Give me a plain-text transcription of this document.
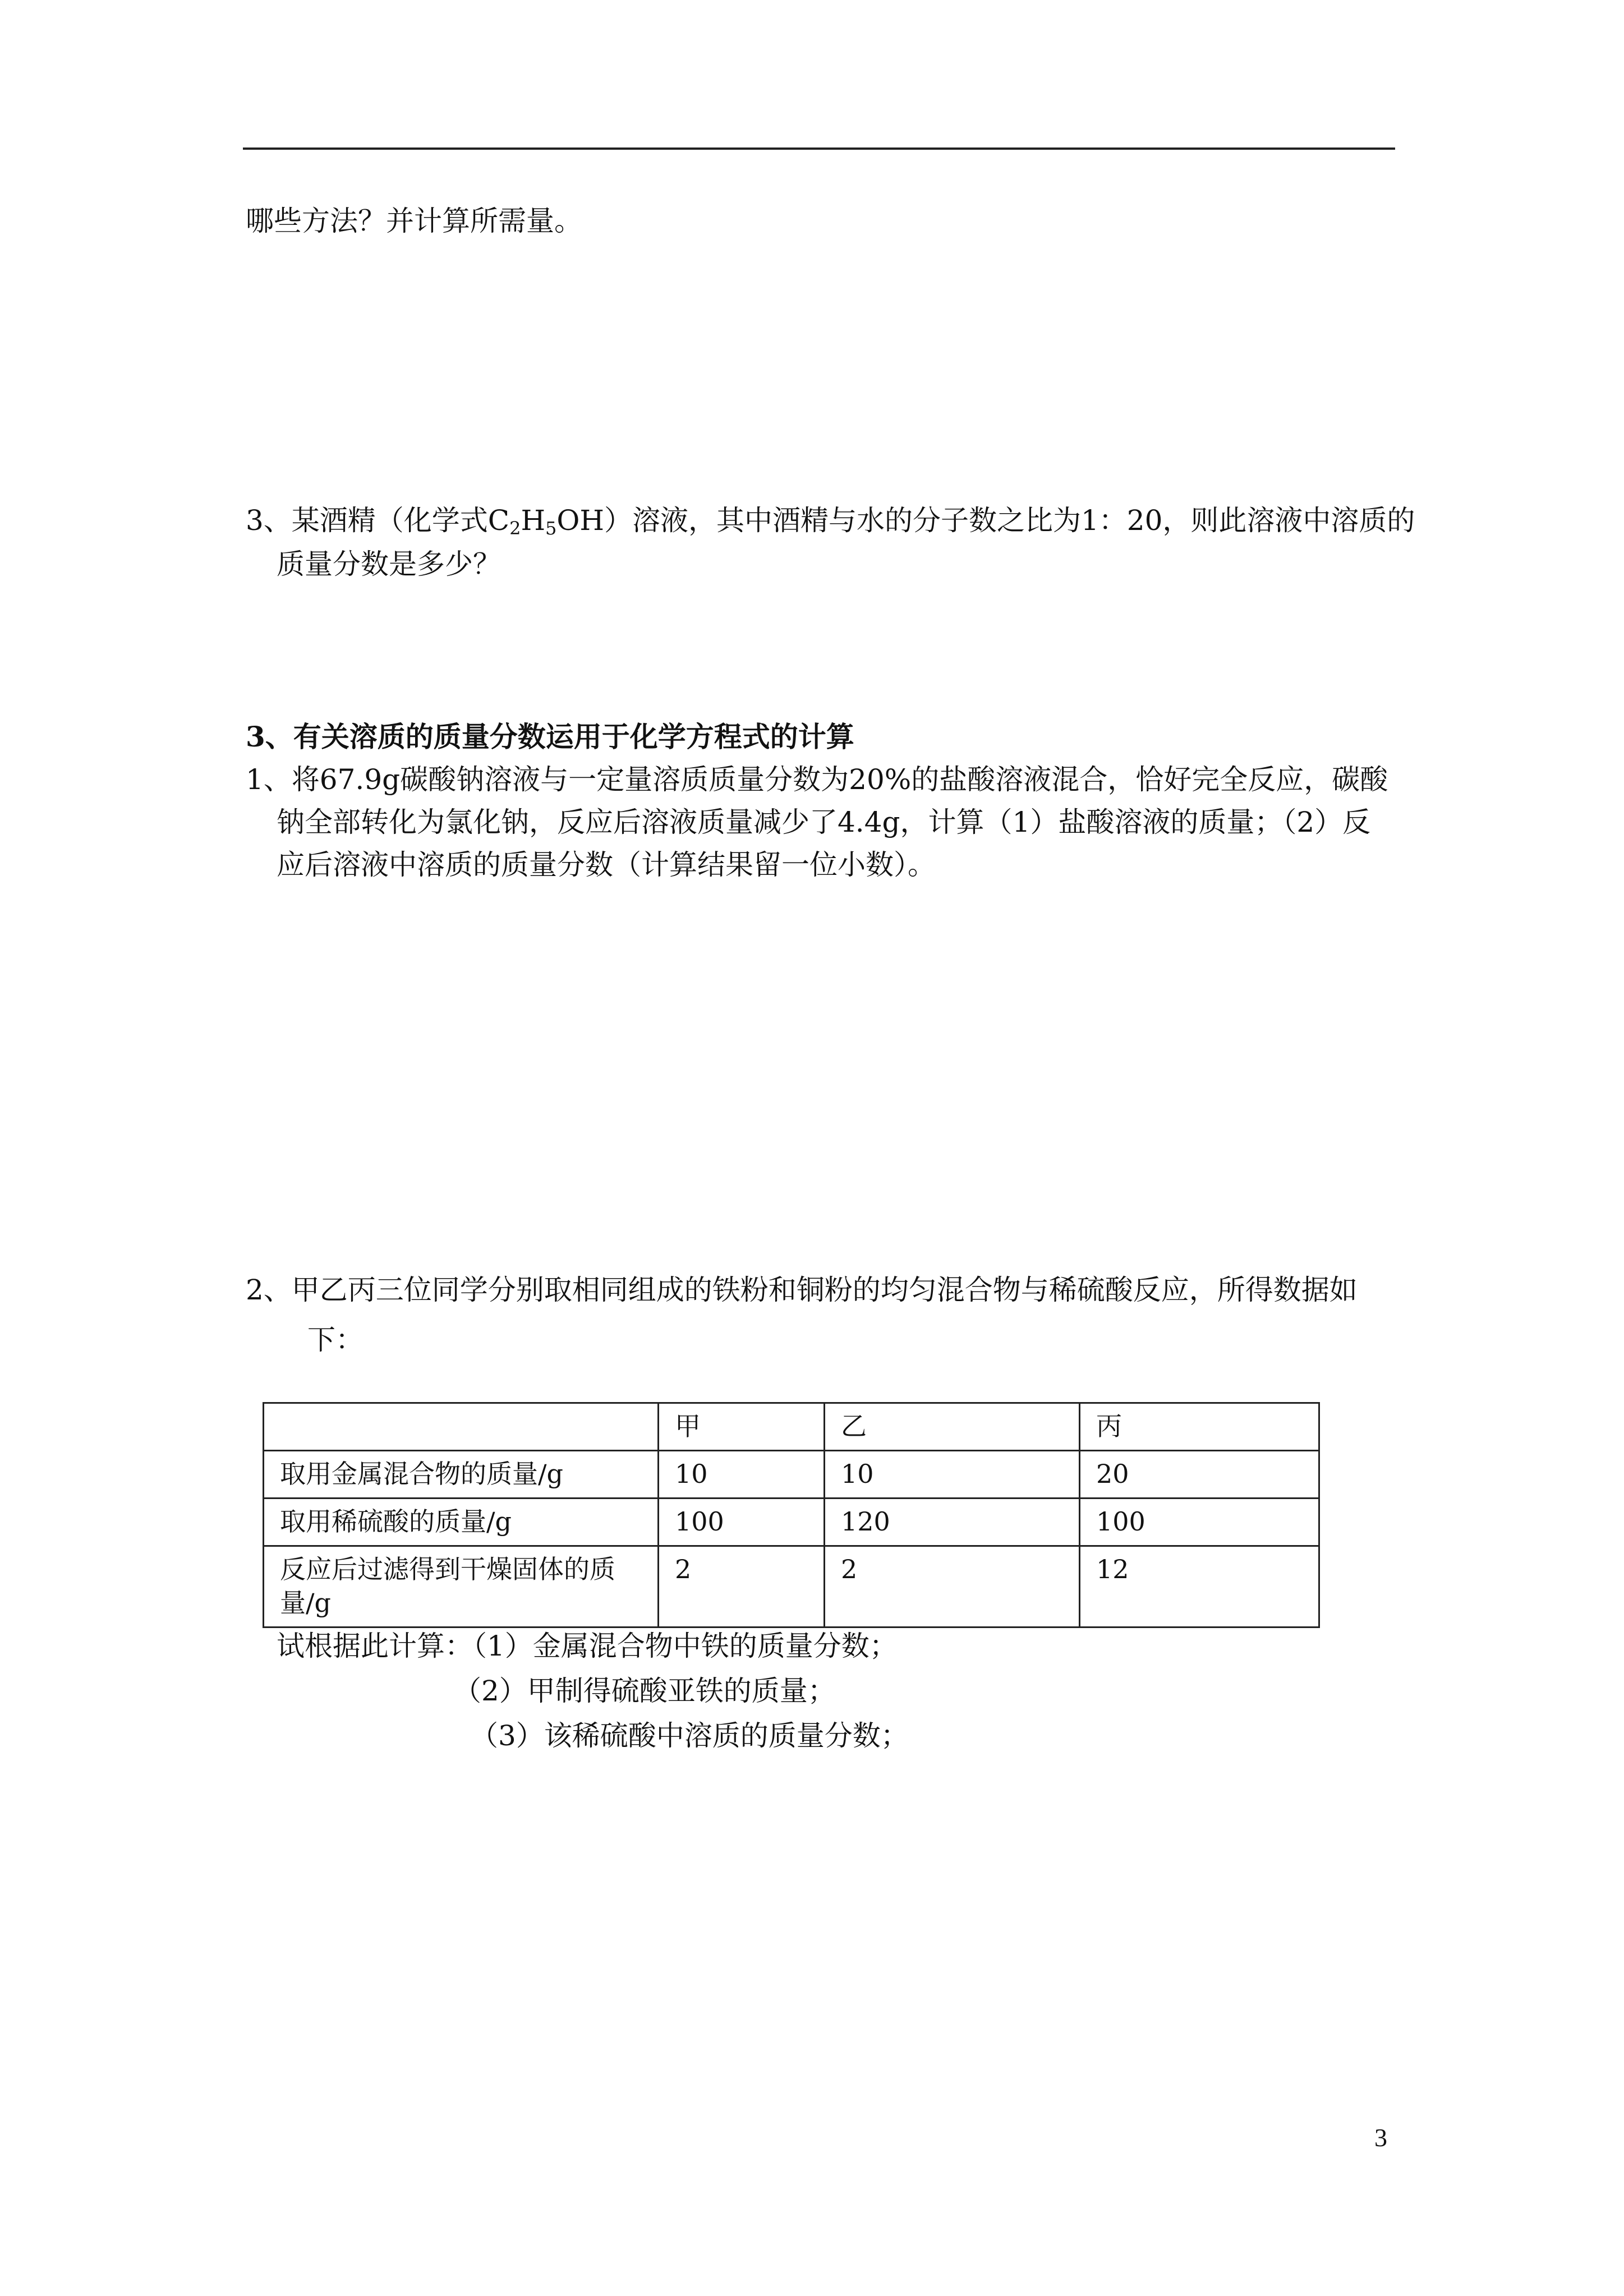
哪些方法？并计算所需量。
3、某酒精（化学式$C_2H_5OH$）溶液，其中酒精与水的分子数之比为1：20，则此溶液中溶质的
质量分数是多少？
3、有关溶质的质量分数运用于化学方程式的计算
1、将67.9g碳酸钠溶液与一定量溶质质量分数为20%的盐酸溶液混合，恰好完全反应，碳酸
钠全部转化为氯化钠，反应后溶液质量减少了4.4g，计算（1）盐酸溶液的质量；（2）反
应后溶液中溶质的质量分数（计算结果留一位小数）。
2、甲乙丙三位同学分别取相同组成的铁粉和铜粉的均匀混合物与稀硫酸反应，所得数据如
下：
	甲	乙	丙
取用金属混合物的质量/g	10	10	20
取用稀硫酸的质量/g	100	120	100
反应后过滤得到干燥固体的质量/g	2	2	12
试根据此计算：（1）金属混合物中铁的质量分数；
（2）甲制得硫酸亚铁的质量；
（3）该稀硫酸中溶质的质量分数；
3
